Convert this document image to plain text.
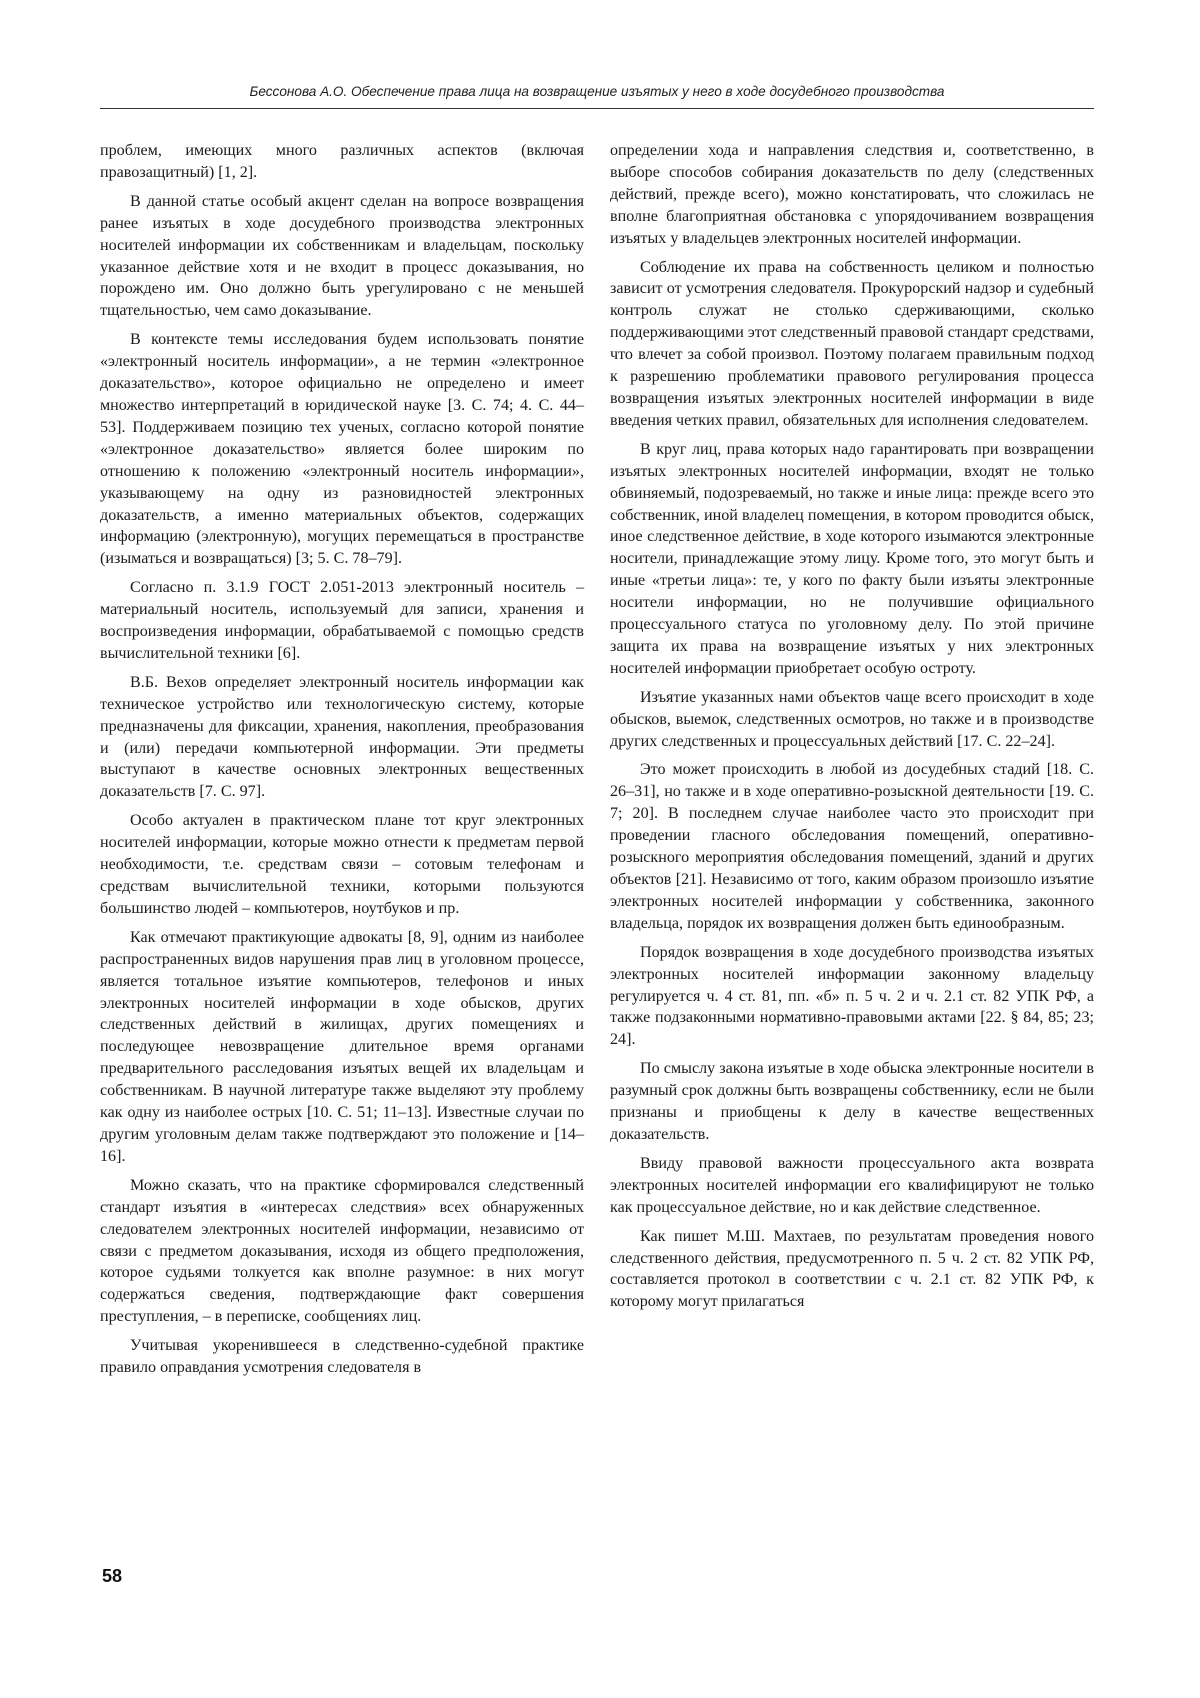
Бессонова А.О. Обеспечение права лица на возвращение изъятых у него в ходе досудебного производства

проблем, имеющих много различных аспектов (включая правозащитный) [1, 2].

В данной статье особый акцент сделан на вопросе возвращения ранее изъятых в ходе досудебного производства электронных носителей информации их собственникам и владельцам, поскольку указанное действие хотя и не входит в процесс доказывания, но порождено им. Оно должно быть урегулировано с не меньшей тщательностью, чем само доказывание.

В контексте темы исследования будем использовать понятие «электронный носитель информации», а не термин «электронное доказательство», которое официально не определено и имеет множество интерпретаций в юридической науке [3. С. 74; 4. С. 44–53]. Поддерживаем позицию тех ученых, согласно которой понятие «электронное доказательство» является более широким по отношению к положению «электронный носитель информации», указывающему на одну из разновидностей электронных доказательств, а именно материальных объектов, содержащих информацию (электронную), могущих перемещаться в пространстве (изыматься и возвращаться) [3; 5. С. 78–79].

Согласно п. 3.1.9 ГОСТ 2.051-2013 электронный носитель – материальный носитель, используемый для записи, хранения и воспроизведения информации, обрабатываемой с помощью средств вычислительной техники [6].

В.Б. Вехов определяет электронный носитель информации как техническое устройство или технологическую систему, которые предназначены для фиксации, хранения, накопления, преобразования и (или) передачи компьютерной информации. Эти предметы выступают в качестве основных электронных вещественных доказательств [7. С. 97].

Особо актуален в практическом плане тот круг электронных носителей информации, которые можно отнести к предметам первой необходимости, т.е. средствам связи – сотовым телефонам и средствам вычислительной техники, которыми пользуются большинство людей – компьютеров, ноутбуков и пр.

Как отмечают практикующие адвокаты [8, 9], одним из наиболее распространенных видов нарушения прав лиц в уголовном процессе, является тотальное изъятие компьютеров, телефонов и иных электронных носителей информации в ходе обысков, других следственных действий в жилищах, других помещениях и последующее невозвращение длительное время органами предварительного расследования изъятых вещей их владельцам и собственникам. В научной литературе также выделяют эту проблему как одну из наиболее острых [10. С. 51; 11–13]. Известные случаи по другим уголовным делам также подтверждают это положение и [14–16].

Можно сказать, что на практике сформировался следственный стандарт изъятия в «интересах следствия» всех обнаруженных следователем электронных носителей информации, независимо от связи с предметом доказывания, исходя из общего предположения, которое судьями толкуется как вполне разумное: в них могут содержаться сведения, подтверждающие факт совершения преступления, – в переписке, сообщениях лиц.

Учитывая укоренившееся в следственно-судебной практике правило оправдания усмотрения следователя в

определении хода и направления следствия и, соответственно, в выборе способов собирания доказательств по делу (следственных действий, прежде всего), можно констатировать, что сложилась не вполне благоприятная обстановка с упорядочиванием возвращения изъятых у владельцев электронных носителей информации.

Соблюдение их права на собственность целиком и полностью зависит от усмотрения следователя. Прокурорский надзор и судебный контроль служат не столько сдерживающими, сколько поддерживающими этот следственный правовой стандарт средствами, что влечет за собой произвол. Поэтому полагаем правильным подход к разрешению проблематики правового регулирования процесса возвращения изъятых электронных носителей информации в виде введения четких правил, обязательных для исполнения следователем.

В круг лиц, права которых надо гарантировать при возвращении изъятых электронных носителей информации, входят не только обвиняемый, подозреваемый, но также и иные лица: прежде всего это собственник, иной владелец помещения, в котором проводится обыск, иное следственное действие, в ходе которого изымаются электронные носители, принадлежащие этому лицу. Кроме того, это могут быть и иные «третьи лица»: те, у кого по факту были изъяты электронные носители информации, но не получившие официального процессуального статуса по уголовному делу. По этой причине защита их права на возвращение изъятых у них электронных носителей информации приобретает особую остроту.

Изъятие указанных нами объектов чаще всего происходит в ходе обысков, выемок, следственных осмотров, но также и в производстве других следственных и процессуальных действий [17. С. 22–24].

Это может происходить в любой из досудебных стадий [18. С. 26–31], но также и в ходе оперативно-розыскной деятельности [19. С. 7; 20]. В последнем случае наиболее часто это происходит при проведении гласного обследования помещений, оперативно-розыскного мероприятия обследования помещений, зданий и других объектов [21]. Независимо от того, каким образом произошло изъятие электронных носителей информации у собственника, законного владельца, порядок их возвращения должен быть единообразным.

Порядок возвращения в ходе досудебного производства изъятых электронных носителей информации законному владельцу регулируется ч. 4 ст. 81, пп. «б» п. 5 ч. 2 и ч. 2.1 ст. 82 УПК РФ, а также подзаконными нормативно-правовыми актами [22. § 84, 85; 23; 24].

По смыслу закона изъятые в ходе обыска электронные носители в разумный срок должны быть возвращены собственнику, если не были признаны и приобщены к делу в качестве вещественных доказательств.

Ввиду правовой важности процессуального акта возврата электронных носителей информации его квалифицируют не только как процессуальное действие, но и как действие следственное.

Как пишет М.Ш. Махтаев, по результатам проведения нового следственного действия, предусмотренного п. 5 ч. 2 ст. 82 УПК РФ, составляется протокол в соответствии с ч. 2.1 ст. 82 УПК РФ, к которому могут прилагаться

58
